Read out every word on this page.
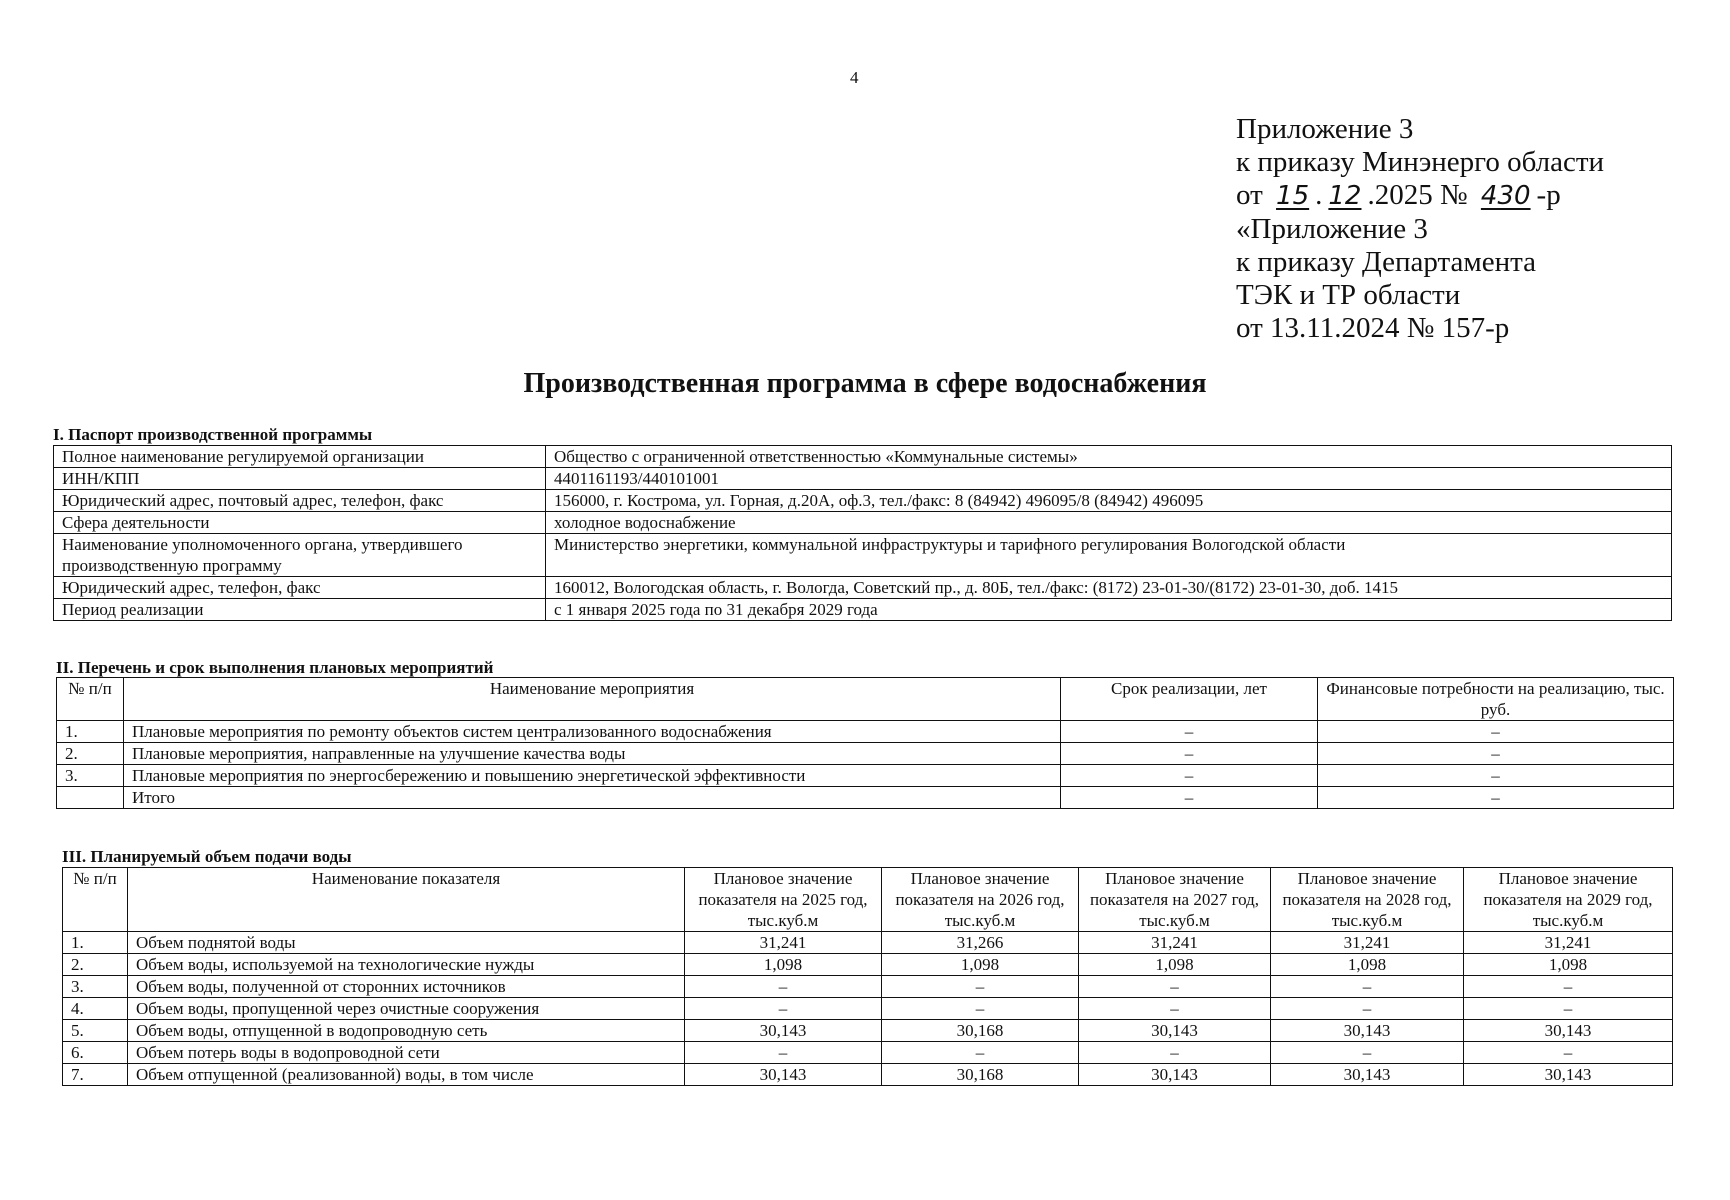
4
Приложение 3
к приказу Минэнерго области
от 15 . 12 .2025 № 430 -р
«Приложение 3
к приказу Департамента
ТЭК и ТР области
от 13.11.2024 № 157-р
Производственная программа в сфере водоснабжения
I. Паспорт производственной программы
Полное наименование регулируемой организации	Общество с ограниченной ответственностью «Коммунальные системы»
ИНН/КПП	4401161193/440101001
Юридический адрес, почтовый адрес, телефон, факс	156000, г. Кострома, ул. Горная, д.20А, оф.3, тел./факс: 8 (84942) 496095/8 (84942) 496095
Сфера деятельности	холодное водоснабжение
Наименование уполномоченного органа, утвердившего производственную программу	Министерство энергетики, коммунальной инфраструктуры и тарифного регулирования Вологодской области
Юридический адрес, телефон, факс	160012, Вологодская область, г. Вологда, Советский пр., д. 80Б, тел./факс: (8172) 23-01-30/(8172) 23-01-30, доб. 1415
Период реализации	с 1 января 2025 года по 31 декабря 2029 года
II. Перечень и срок выполнения плановых мероприятий
№ п/п	Наименование мероприятия	Срок реализации, лет	Финансовые потребности на реализацию, тыс. руб.
1.	Плановые мероприятия по ремонту объектов систем централизованного водоснабжения	–	–
2.	Плановые мероприятия, направленные на улучшение качества воды	–	–
3.	Плановые мероприятия по энергосбережению и повышению энергетической эффективности	–	–
	Итого	–	–
III. Планируемый объем подачи воды
№ п/п	Наименование показателя	Плановое значение показателя на 2025 год, тыс.куб.м	Плановое значение показателя на 2026 год, тыс.куб.м	Плановое значение показателя на 2027 год, тыс.куб.м	Плановое значение показателя на 2028 год, тыс.куб.м	Плановое значение показателя на 2029 год, тыс.куб.м
1.	Объем поднятой воды	31,241	31,266	31,241	31,241	31,241
2.	Объем воды, используемой на технологические нужды	1,098	1,098	1,098	1,098	1,098
3.	Объем воды, полученной от сторонних источников	–	–	–	–	–
4.	Объем воды, пропущенной через очистные сооружения	–	–	–	–	–
5.	Объем воды, отпущенной в водопроводную сеть	30,143	30,168	30,143	30,143	30,143
6.	Объем потерь воды в водопроводной сети	–	–	–	–	–
7.	Объем отпущенной (реализованной) воды, в том числе	30,143	30,168	30,143	30,143	30,143
